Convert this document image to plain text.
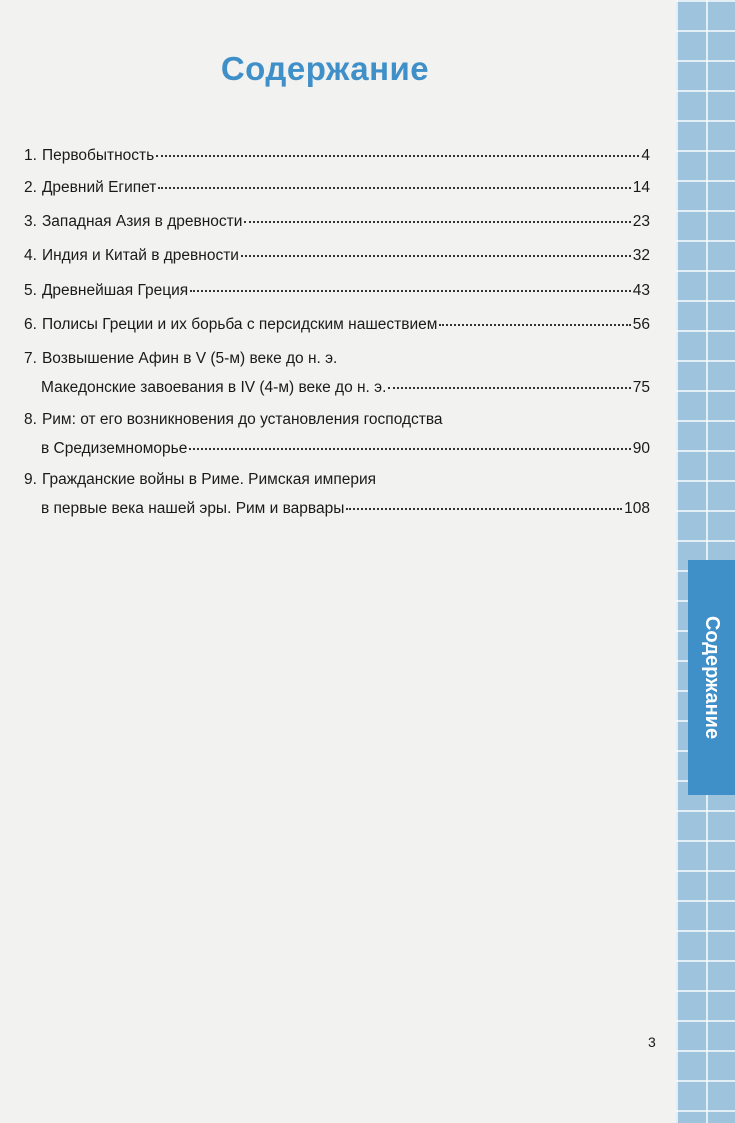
Содержание
1. Первобытность	4
2. Древний Египет	14
3. Западная Азия в древности	23
4. Индия и Китай в древности	32
5. Древнейшая Греция	43
6. Полисы Греции и их борьба с персидским нашествием	56
7. Возвышение Афин в V (5-м) веке до н. э.
Македонские завоевания в IV (4-м) веке до н. э.	75
8. Рим: от его возникновения до установления господства
в Средиземноморье	90
9. Гражданские войны в Риме. Римская империя
в первые века нашей эры. Рим и варвары	108
3
Содержание
